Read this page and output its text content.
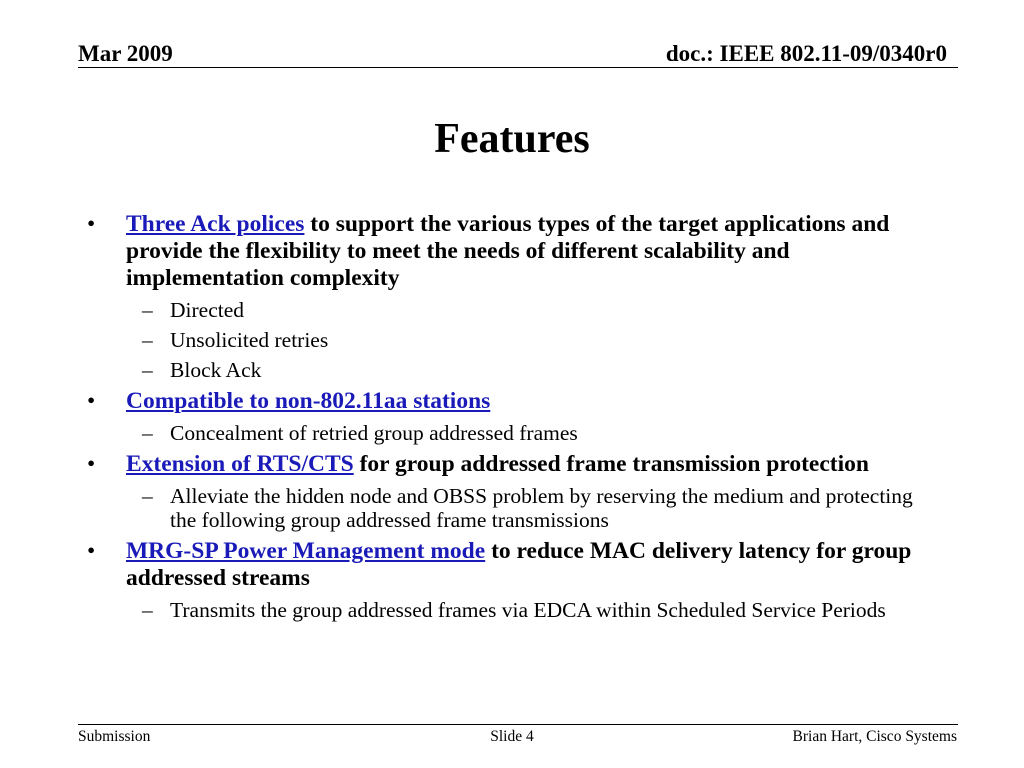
Mar 2009	doc.: IEEE 802.11-09/0340r0
Features
• Three Ack polices to support the various types of the target applications and provide the flexibility to meet the needs of different scalability and implementation complexity
– Directed
– Unsolicited retries
– Block Ack
• Compatible to non-802.11aa stations
– Concealment of retried group addressed frames
• Extension of RTS/CTS for group addressed frame transmission protection
– Alleviate the hidden node and OBSS problem by reserving the medium and protecting the following group addressed frame transmissions
• MRG-SP Power Management mode to reduce MAC delivery latency for group addressed streams
– Transmits the group addressed frames via EDCA within Scheduled Service Periods
Submission	Slide 4	Brian Hart, Cisco Systems
